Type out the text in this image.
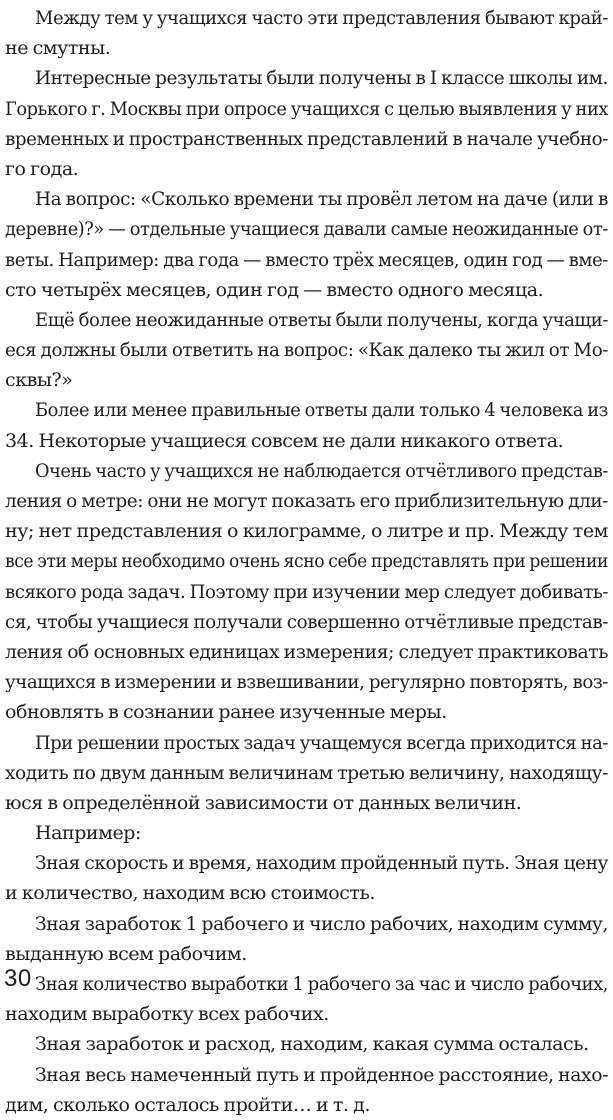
Между тем у учащихся часто эти представления бывают край-
не смутны.
Интересные результаты были получены в I классе школы им.
Горького г. Москвы при опросе учащихся с целью выявления у них
временных и пространственных представлений в начале учебно-
го года.
На вопрос: «Сколько времени ты провёл летом на даче (или в
деревне)?» — отдельные учащиеся давали самые неожиданные от-
веты. Например: два года — вместо трёх месяцев, один год — вме-
сто четырёх месяцев, один год — вместо одного месяца.
Ещё более неожиданные ответы были получены, когда учащи-
еся должны были ответить на вопрос: «Как далеко ты жил от Мо-
сквы?»
Более или менее правильные ответы дали только 4 человека из
34. Некоторые учащиеся совсем не дали никакого ответа.
Очень часто у учащихся не наблюдается отчётливого представ-
ления о метре: они не могут показать его приблизительную дли-
ну; нет представления о килограмме, о литре и пр. Между тем
все эти меры необходимо очень ясно себе представлять при решении
всякого рода задач. Поэтому при изучении мер следует добивать-
ся, чтобы учащиеся получали совершенно отчётливые представ-
ления об основных единицах измерения; следует практиковать
учащихся в измерении и взвешивании, регулярно повторять, воз-
обновлять в сознании ранее изученные меры.
При решении простых задач учащемуся всегда приходится на-
ходить по двум данным величинам третью величину, находящу-
юся в определённой зависимости от данных величин.
Например:
Зная скорость и время, находим пройденный путь. Зная цену
и количество, находим всю стоимость.
Зная заработок 1 рабочего и число рабочих, находим сумму,
выданную всем рабочим.
Зная количество выработки 1 рабочего за час и число рабочих,
находим выработку всех рабочих.
Зная заработок и расход, находим, какая сумма осталась.
Зная весь намеченный путь и пройденное расстояние, нахо-
дим, сколько осталось пройти… и т. д.
30
